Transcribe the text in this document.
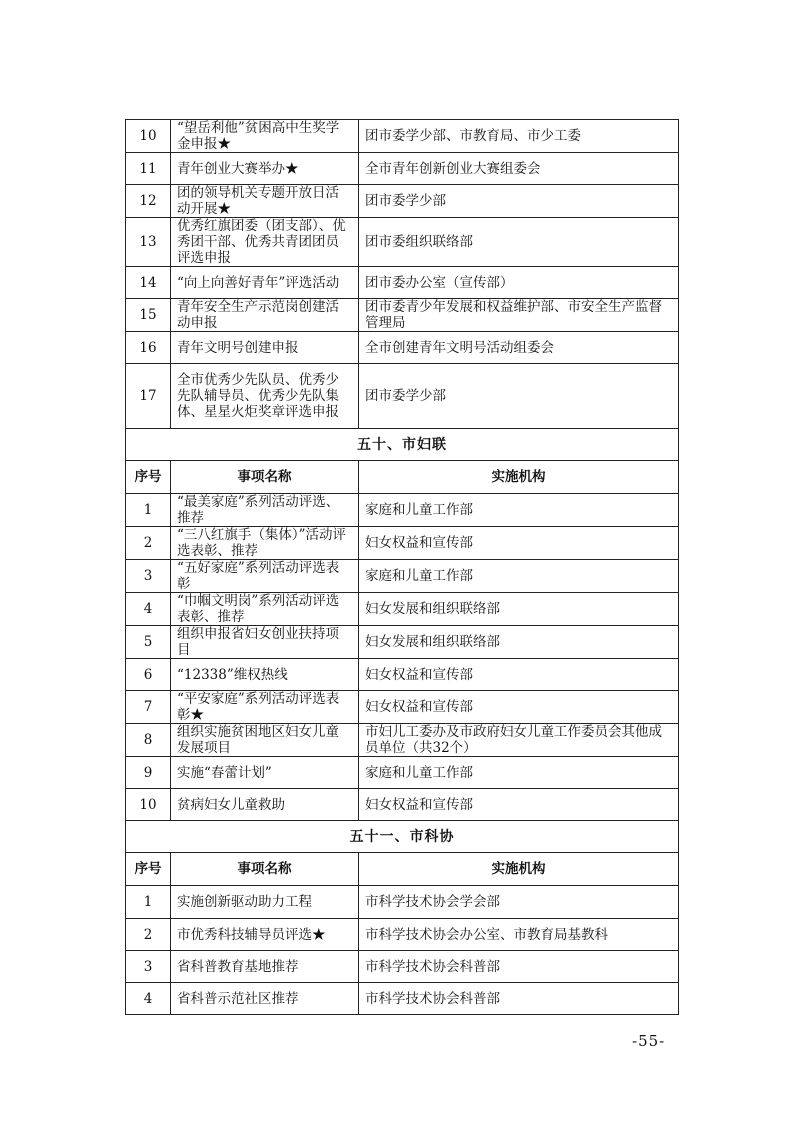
10	“望岳利他”贫困高中生奖学金申报★	团市委学少部、市教育局、市少工委
11	青年创业大赛举办★	全市青年创新创业大赛组委会
12	团的领导机关专题开放日活动开展★	团市委学少部
13	优秀红旗团委（团支部）、优秀团干部、优秀共青团团员评选申报	团市委组织联络部
14	“向上向善好青年”评选活动	团市委办公室（宣传部）
15	青年安全生产示范岗创建活动申报	团市委青少年发展和权益维护部、市安全生产监督管理局
16	青年文明号创建申报	全市创建青年文明号活动组委会
17	全市优秀少先队员、优秀少先队辅导员、优秀少先队集体、星星火炬奖章评选申报	团市委学少部
五十、市妇联		
序号	事项名称	实施机构
1	“最美家庭”系列活动评选、推荐	家庭和儿童工作部
2	“三八红旗手（集体）”活动评选表彰、推荐	妇女权益和宣传部
3	“五好家庭”系列活动评选表彰	家庭和儿童工作部
4	“巾帼文明岗”系列活动评选表彰、推荐	妇女发展和组织联络部
5	组织申报省妇女创业扶持项目	妇女发展和组织联络部
6	“12338”维权热线	妇女权益和宣传部
7	“平安家庭”系列活动评选表彰★	妇女权益和宣传部
8	组织实施贫困地区妇女儿童发展项目	市妇儿工委办及市政府妇女儿童工作委员会其他成员单位（共32个）
9	实施“春蕾计划”	家庭和儿童工作部
10	贫病妇女儿童救助	妇女权益和宣传部
五十一、市科协		
序号	事项名称	实施机构
1	实施创新驱动助力工程	市科学技术协会学会部
2	市优秀科技辅导员评选★	市科学技术协会办公室、市教育局基教科
3	省科普教育基地推荐	市科学技术协会科普部
4	省科普示范社区推荐	市科学技术协会科普部
-55-
